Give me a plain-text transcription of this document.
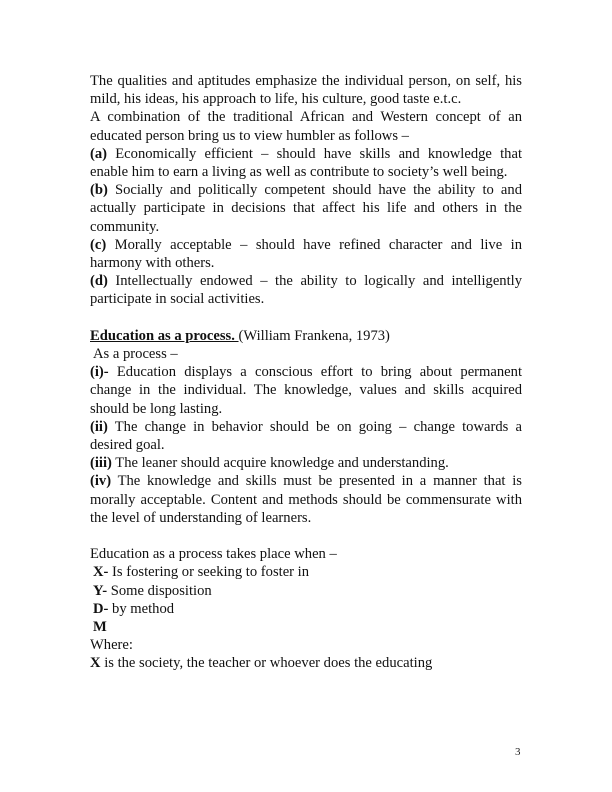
The qualities and aptitudes emphasize the individual person, on self, his mild, his ideas, his approach to life, his culture, good taste e.t.c.

A combination of the traditional African and Western concept of an educated person bring us to view humbler as follows –

(a) Economically efficient – should have skills and knowledge that enable him to earn a living as well as contribute to society’s well being.

(b) Socially and politically competent should have the ability to and actually participate in decisions that affect his life and others in the community.

(c) Morally acceptable – should have refined character and live in harmony with others.

(d) Intellectually endowed – the ability to logically and intelligently participate in social activities.

Education as a process. (William Frankena, 1973)

As a process –

(i)- Education displays a conscious effort to bring about permanent change in the individual. The knowledge, values and skills acquired should be long lasting.

(ii) The change in behavior should be on going – change towards a desired goal.

(iii) The leaner should acquire knowledge and understanding.

(iv) The knowledge and skills must be presented in a manner that is morally acceptable. Content and methods should be commensurate with the level of understanding of learners.

Education as a process takes place when –

X- Is fostering or seeking to foster in

Y- Some disposition

D- by method

M

Where:

X is the society, the teacher or whoever does the educating

3
